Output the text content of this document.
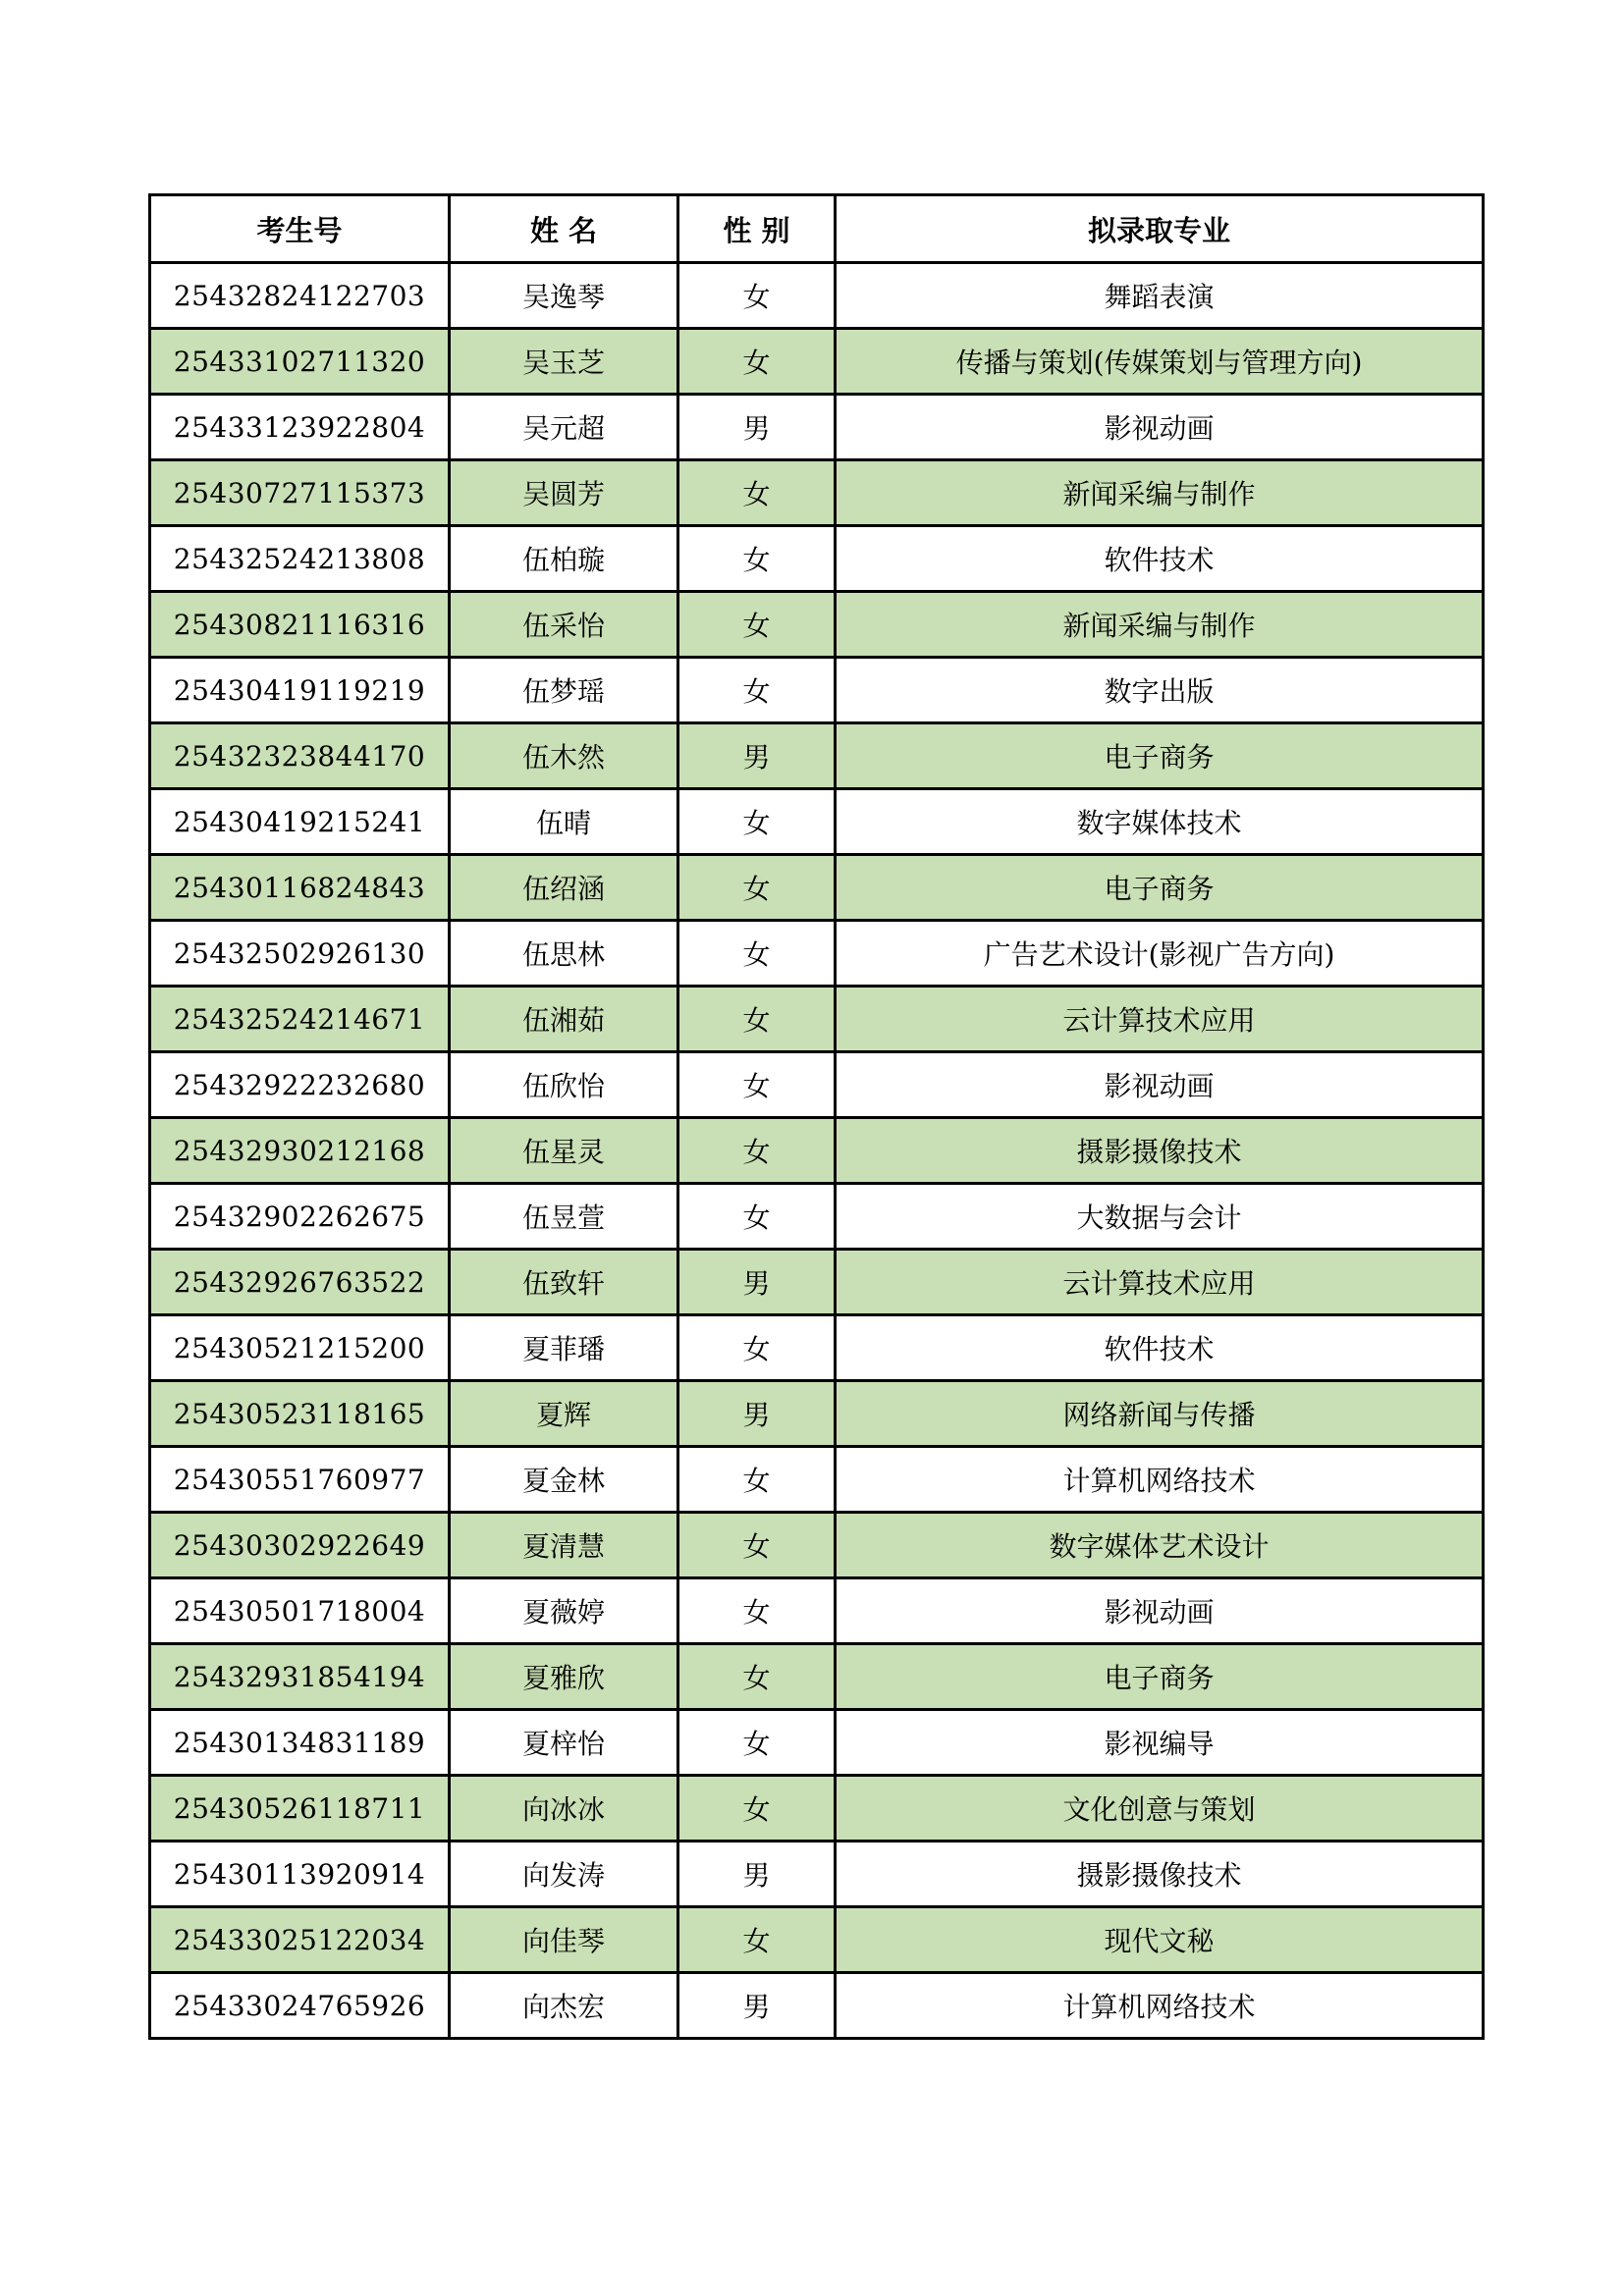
考生号	姓 名	性 别	拟录取专业
25432824122703	吴逸琴	女	舞蹈表演
25433102711320	吴玉芝	女	传播与策划(传媒策划与管理方向)
25433123922804	吴元超	男	影视动画
25430727115373	吴圆芳	女	新闻采编与制作
25432524213808	伍柏璇	女	软件技术
25430821116316	伍采怡	女	新闻采编与制作
25430419119219	伍梦瑶	女	数字出版
25432323844170	伍木然	男	电子商务
25430419215241	伍晴	女	数字媒体技术
25430116824843	伍绍涵	女	电子商务
25432502926130	伍思林	女	广告艺术设计(影视广告方向)
25432524214671	伍湘茹	女	云计算技术应用
25432922232680	伍欣怡	女	影视动画
25432930212168	伍星灵	女	摄影摄像技术
25432902262675	伍昱萱	女	大数据与会计
25432926763522	伍致轩	男	云计算技术应用
25430521215200	夏菲璠	女	软件技术
25430523118165	夏辉	男	网络新闻与传播
25430551760977	夏金林	女	计算机网络技术
25430302922649	夏清慧	女	数字媒体艺术设计
25430501718004	夏薇婷	女	影视动画
25432931854194	夏雅欣	女	电子商务
25430134831189	夏梓怡	女	影视编导
25430526118711	向冰冰	女	文化创意与策划
25430113920914	向发涛	男	摄影摄像技术
25433025122034	向佳琴	女	现代文秘
25433024765926	向杰宏	男	计算机网络技术
